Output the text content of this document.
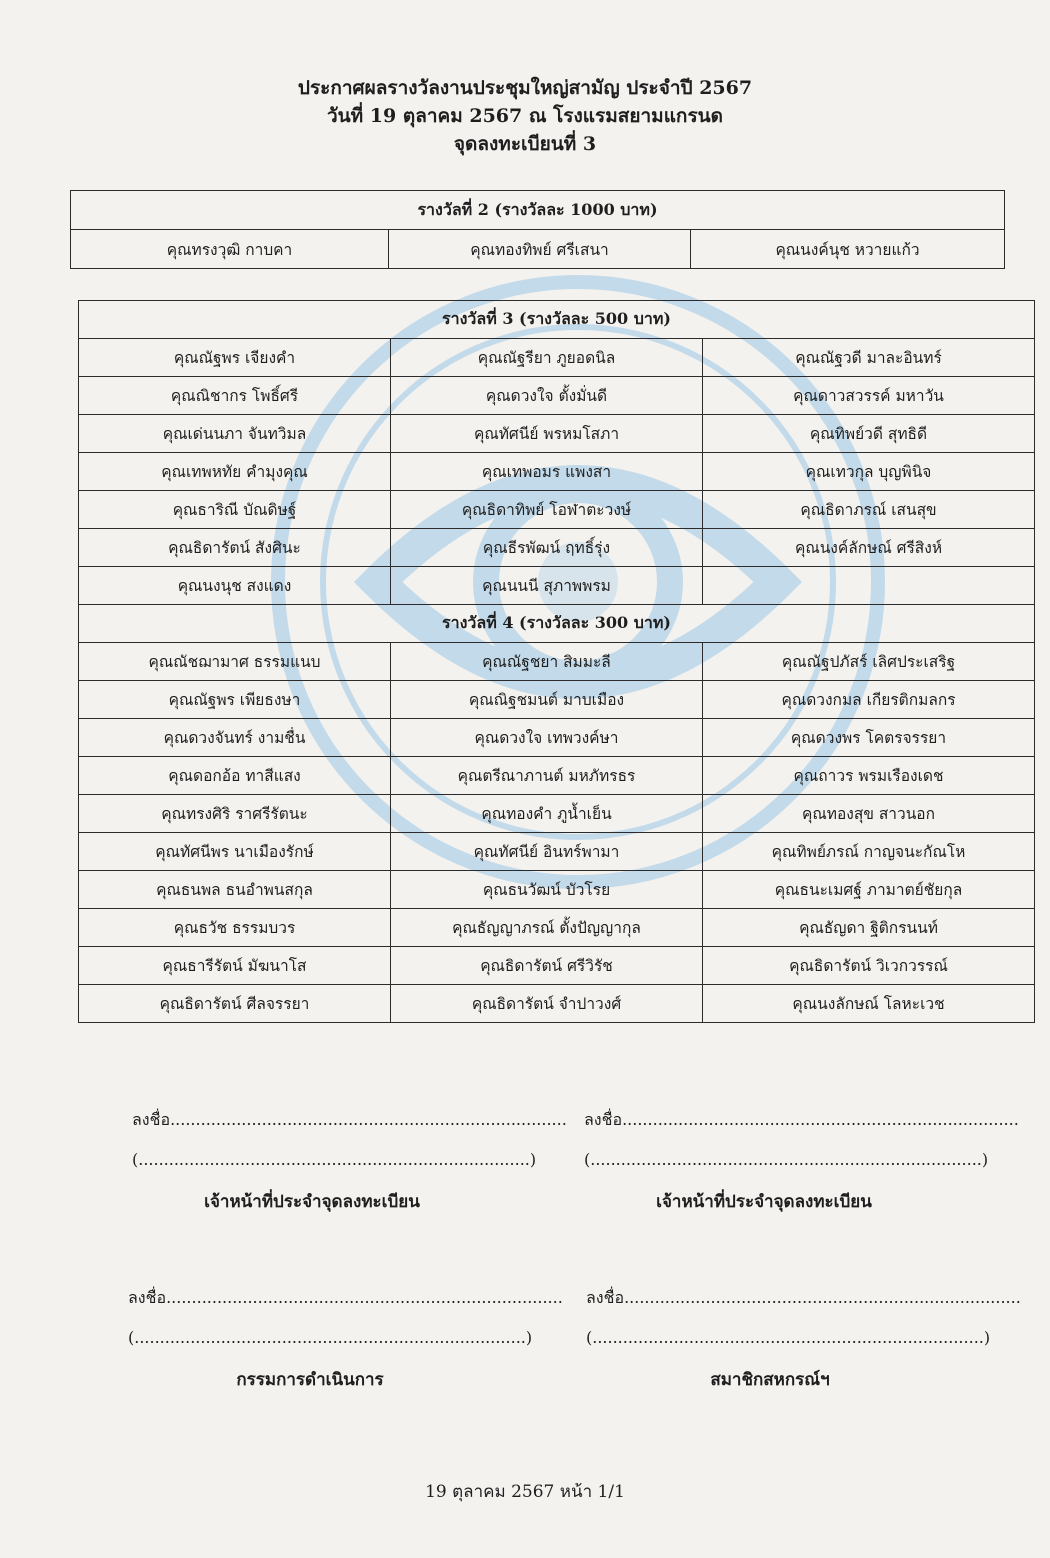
ประกาศผลรางวัลงานประชุมใหญ่สามัญ ประจำปี 2567
วันที่ 19 ตุลาคม 2567 ณ โรงแรมสยามแกรนด
จุดลงทะเบียนที่ 3
รางวัลที่ 2 (รางวัลละ 1000 บาท)
คุณทรงวุฒิ กาบคา	คุณทองทิพย์ ศรีเสนา	คุณนงค์นุช หวายแก้ว
รางวัลที่ 3 (รางวัลละ 500 บาท)		
คุณณัฐพร เจียงคำ	คุณณัฐรียา ภูยอดนิล	คุณณัฐวดี มาละอินทร์
คุณณิชากร โพธิ์ศรี	คุณดวงใจ ตั้งมั่นดี	คุณดาวสวรรค์ มหาวัน
คุณเด่นนภา จันทวิมล	คุณทัศนีย์ พรหมโสภา	คุณทิพย์วดี สุทธิดี
คุณเทพหทัย คำมุงคุณ	คุณเทพอมร แพงสา	คุณเทวกุล บุญพินิจ
คุณธาริณี บัณดิษฐ์	คุณธิดาทิพย์ โอฬาตะวงษ์	คุณธิดาภรณ์ เสนสุข
คุณธิดารัตน์ สังศินะ	คุณธีรพัฒน์ ฤทธิ์รุ่ง	คุณนงค์ลักษณ์ ศรีสิงห์
คุณนงนุช สงแดง	คุณนนนี สุภาพพรม	
รางวัลที่ 4 (รางวัลละ 300 บาท)		
คุณณัชฌามาศ ธรรมแนบ	คุณณัฐชยา สิมมะลี	คุณณัฐปภัสร์ เลิศประเสริฐ
คุณณัฐพร เพียธงษา	คุณณิฐชมนต์ มาบเมือง	คุณดวงกมล เกียรติกมลกร
คุณดวงจันทร์ งามชื่น	คุณดวงใจ เทพวงค์ษา	คุณดวงพร โคตรจรรยา
คุณดอกอ้อ ทาสีแสง	คุณตรีณาภานต์ มหภัทรธร	คุณถาวร พรมเรืองเดช
คุณทรงศิริ ราศรีรัตนะ	คุณทองคำ ภูน้ำเย็น	คุณทองสุข สาวนอก
คุณทัศนีพร นาเมืองรักษ์	คุณทัศนีย์ อินทร์พามา	คุณทิพย์ภรณ์ กาญจนะกัณโห
คุณธนพล ธนอำพนสกุล	คุณธนวัฒน์ บัวโรย	คุณธนะเมศฐ์ ภามาตย์ชัยกุล
คุณธวัช ธรรมบวร	คุณธัญญาภรณ์ ตั้งปัญญากุล	คุณธัญดา ฐิติกรนนท์
คุณธารีรัตน์ มัฆนาโส	คุณธิดารัตน์ ศรีวิรัช	คุณธิดารัตน์ วิเวกวรรณ์
คุณธิดารัตน์ ศีลจรรยา	คุณธิดารัตน์ จำปาวงศ์	คุณนงลักษณ์ โลหะเวช
ลงชื่อ..............................................................................
(.............................................................................)
เจ้าหน้าที่ประจำจุดลงทะเบียน
ลงชื่อ..............................................................................
(.............................................................................)
เจ้าหน้าที่ประจำจุดลงทะเบียน
ลงชื่อ..............................................................................
(.............................................................................)
กรรมการดำเนินการ
ลงชื่อ..............................................................................
(.............................................................................)
สมาชิกสหกรณ์ฯ
19 ตุลาคม 2567 หน้า 1/1
